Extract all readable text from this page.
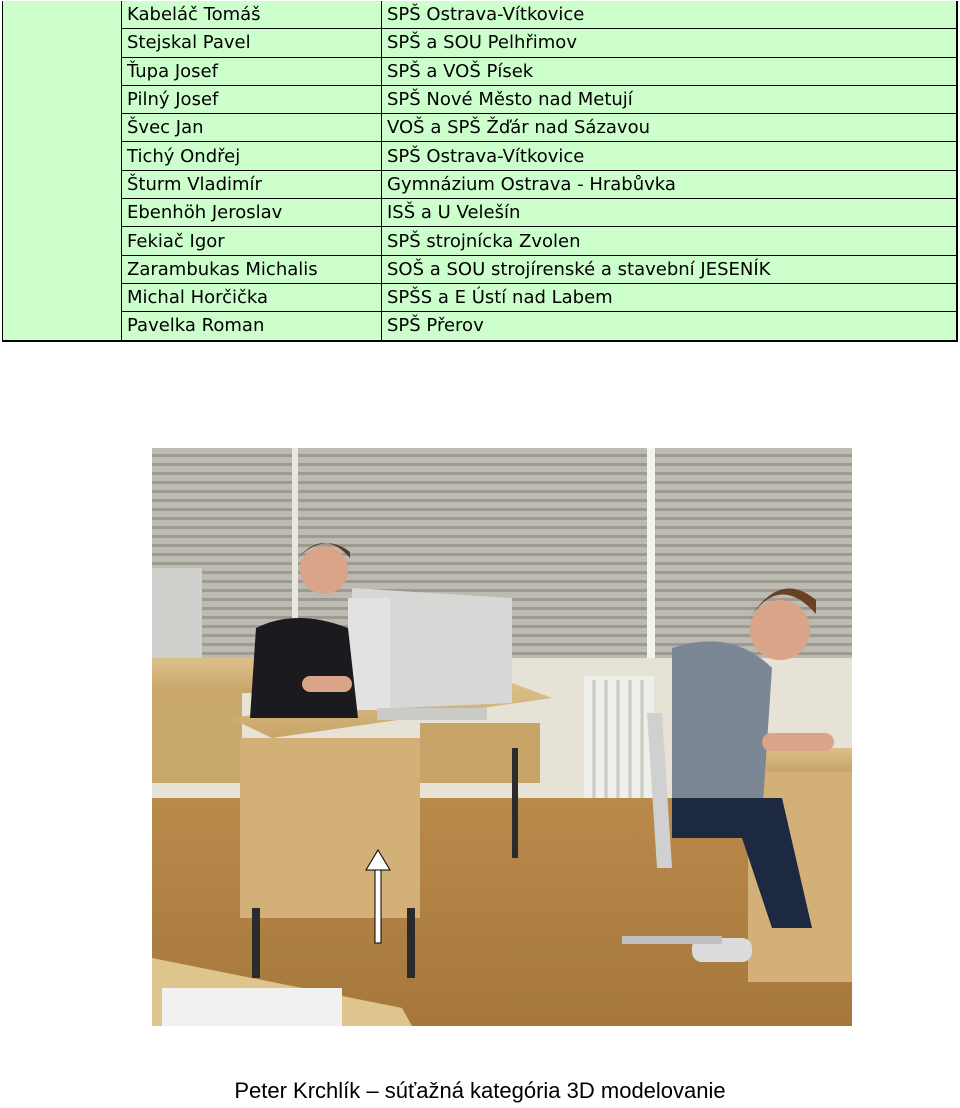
	Kabeláč Tomáš	SPŠ Ostrava-Vítkovice
	Stejskal Pavel	SPŠ a SOU Pelhřimov
	Ťupa Josef	SPŠ a VOŠ Písek
	Pilný Josef	SPŠ Nové Město nad Metují
	Švec Jan	VOŠ a SPŠ Žďár nad Sázavou
	Tichý Ondřej	SPŠ Ostrava-Vítkovice
	Šturm Vladimír	Gymnázium Ostrava - Hrabůvka
	Ebenhöh Jeroslav	ISŠ a U Velešín
	Fekiač Igor	SPŠ strojnícka Zvolen
	Zarambukas Michalis	SOŠ a SOU strojírenské a stavební JESENÍK
	Michal Horčička	SPŠS a E Ústí nad Labem
	Pavelka Roman	SPŠ Přerov
Peter Krchlík – súťažná kategória 3D modelovanie
